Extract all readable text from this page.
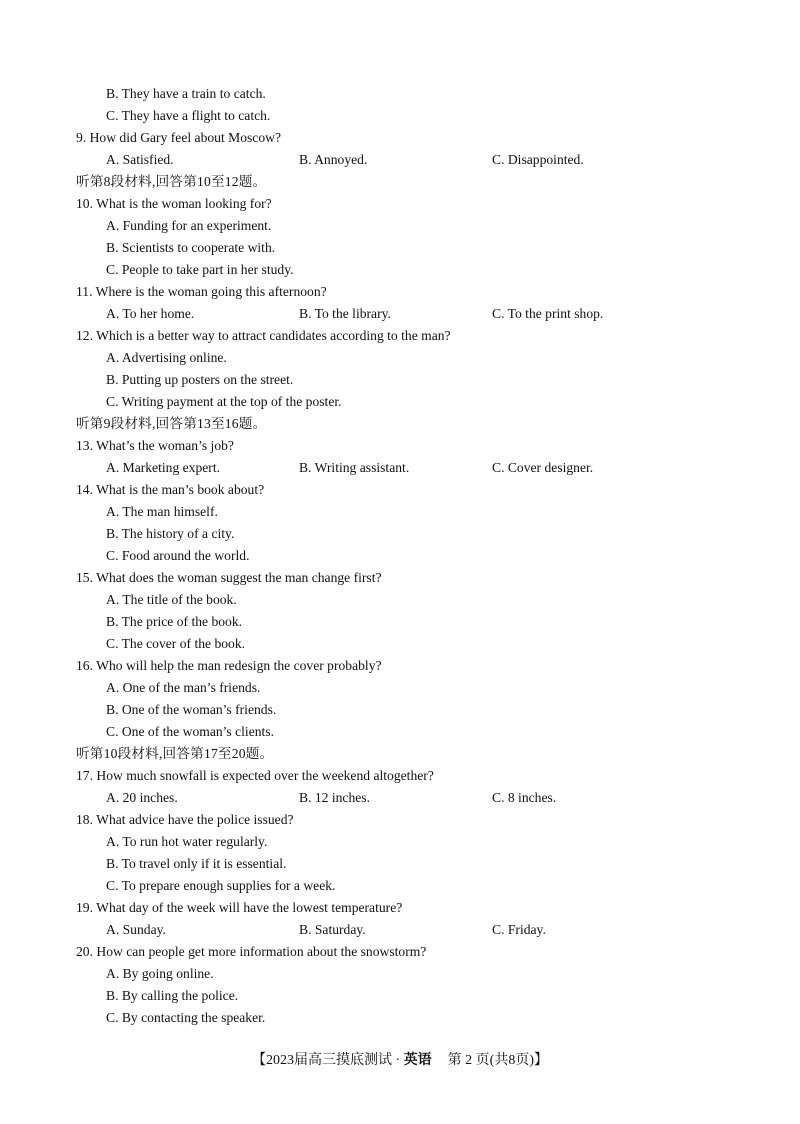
B. They have a train to catch.
C. They have a flight to catch.
9. How did Gary feel about Moscow?
A. Satisfied.	B. Annoyed.	C. Disappointed.
听第8段材料,回答第10至12题。
10. What is the woman looking for?
A. Funding for an experiment.
B. Scientists to cooperate with.
C. People to take part in her study.
11. Where is the woman going this afternoon?
A. To her home.	B. To the library.	C. To the print shop.
12. Which is a better way to attract candidates according to the man?
A. Advertising online.
B. Putting up posters on the street.
C. Writing payment at the top of the poster.
听第9段材料,回答第13至16题。
13. What’s the woman’s job?
A. Marketing expert.	B. Writing assistant.	C. Cover designer.
14. What is the man’s book about?
A. The man himself.
B. The history of a city.
C. Food around the world.
15. What does the woman suggest the man change first?
A. The title of the book.
B. The price of the book.
C. The cover of the book.
16. Who will help the man redesign the cover probably?
A. One of the man’s friends.
B. One of the woman’s friends.
C. One of the woman’s clients.
听第10段材料,回答第17至20题。
17. How much snowfall is expected over the weekend altogether?
A. 20 inches.	B. 12 inches.	C. 8 inches.
18. What advice have the police issued?
A. To run hot water regularly.
B. To travel only if it is essential.
C. To prepare enough supplies for a week.
19. What day of the week will have the lowest temperature?
A. Sunday.	B. Saturday.	C. Friday.
20. How can people get more information about the snowstorm?
A. By going online.
B. By calling the police.
C. By contacting the speaker.
【2023届高三摸底测试 · 英语 第 2 页(共8页)】
